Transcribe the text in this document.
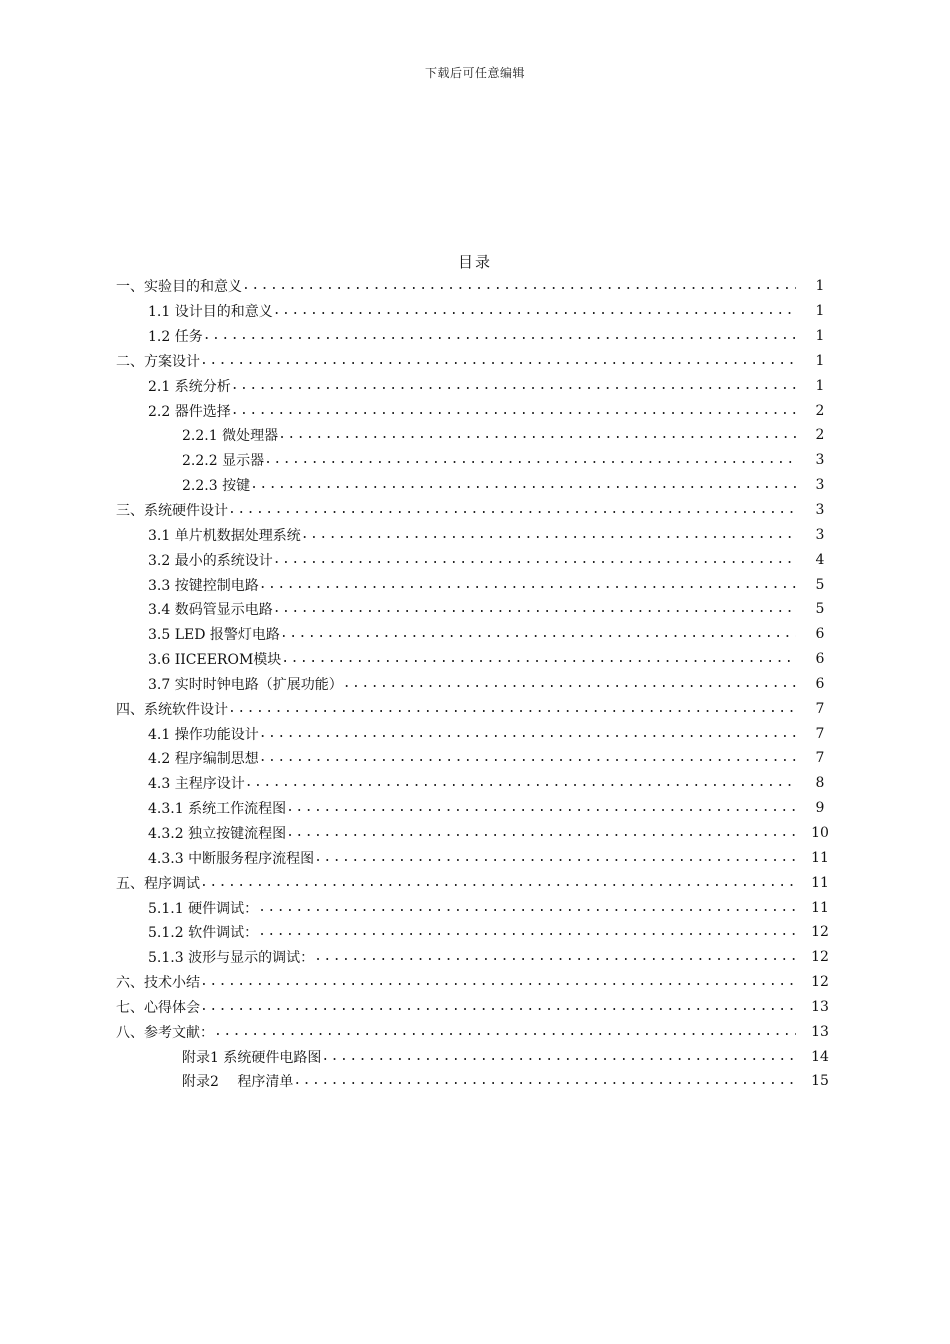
下载后可任意编辑
目录
一、实验目的和意义 .....	1
1.1 设计目的和意义 .....	1
1.2 任务 .....	1
二、方案设计 .....	1
2.1 系统分析 .....	1
2.2 器件选择 .....	2
2.2.1 微处理器 .....	2
2.2.2 显示器 .....	3
2.2.3 按键 .....	3
三、系统硬件设计 .....	3
3.1 单片机数据处理系统 .....	3
3.2 最小的系统设计 .....	4
3.3 按键控制电路 .....	5
3.4 数码管显示电路 .....	5
3.5 LED 报警灯电路 .....	6
3.6 IICEEROM模块 .....	6
3.7 实时时钟电路（扩展功能） .....	6
四、系统软件设计 .....	7
4.1 操作功能设计 .....	7
4.2 程序编制思想 .....	7
4.3 主程序设计 .....	8
4.3.1 系统工作流程图 .....	9
4.3.2 独立按键流程图 .....	10
4.3.3 中断服务程序流程图 .....	11
五、程序调试 .....	11
5.1.1 硬件调试： .....	11
5.1.2 软件调试： .....	12
5.1.3 波形与显示的调试： .....	12
六、技术小结 .....	12
七、心得体会 .....	13
八、参考文献： .....	13
附录1 系统硬件电路图 .....	14
附录2　 程序清单 .....	15
